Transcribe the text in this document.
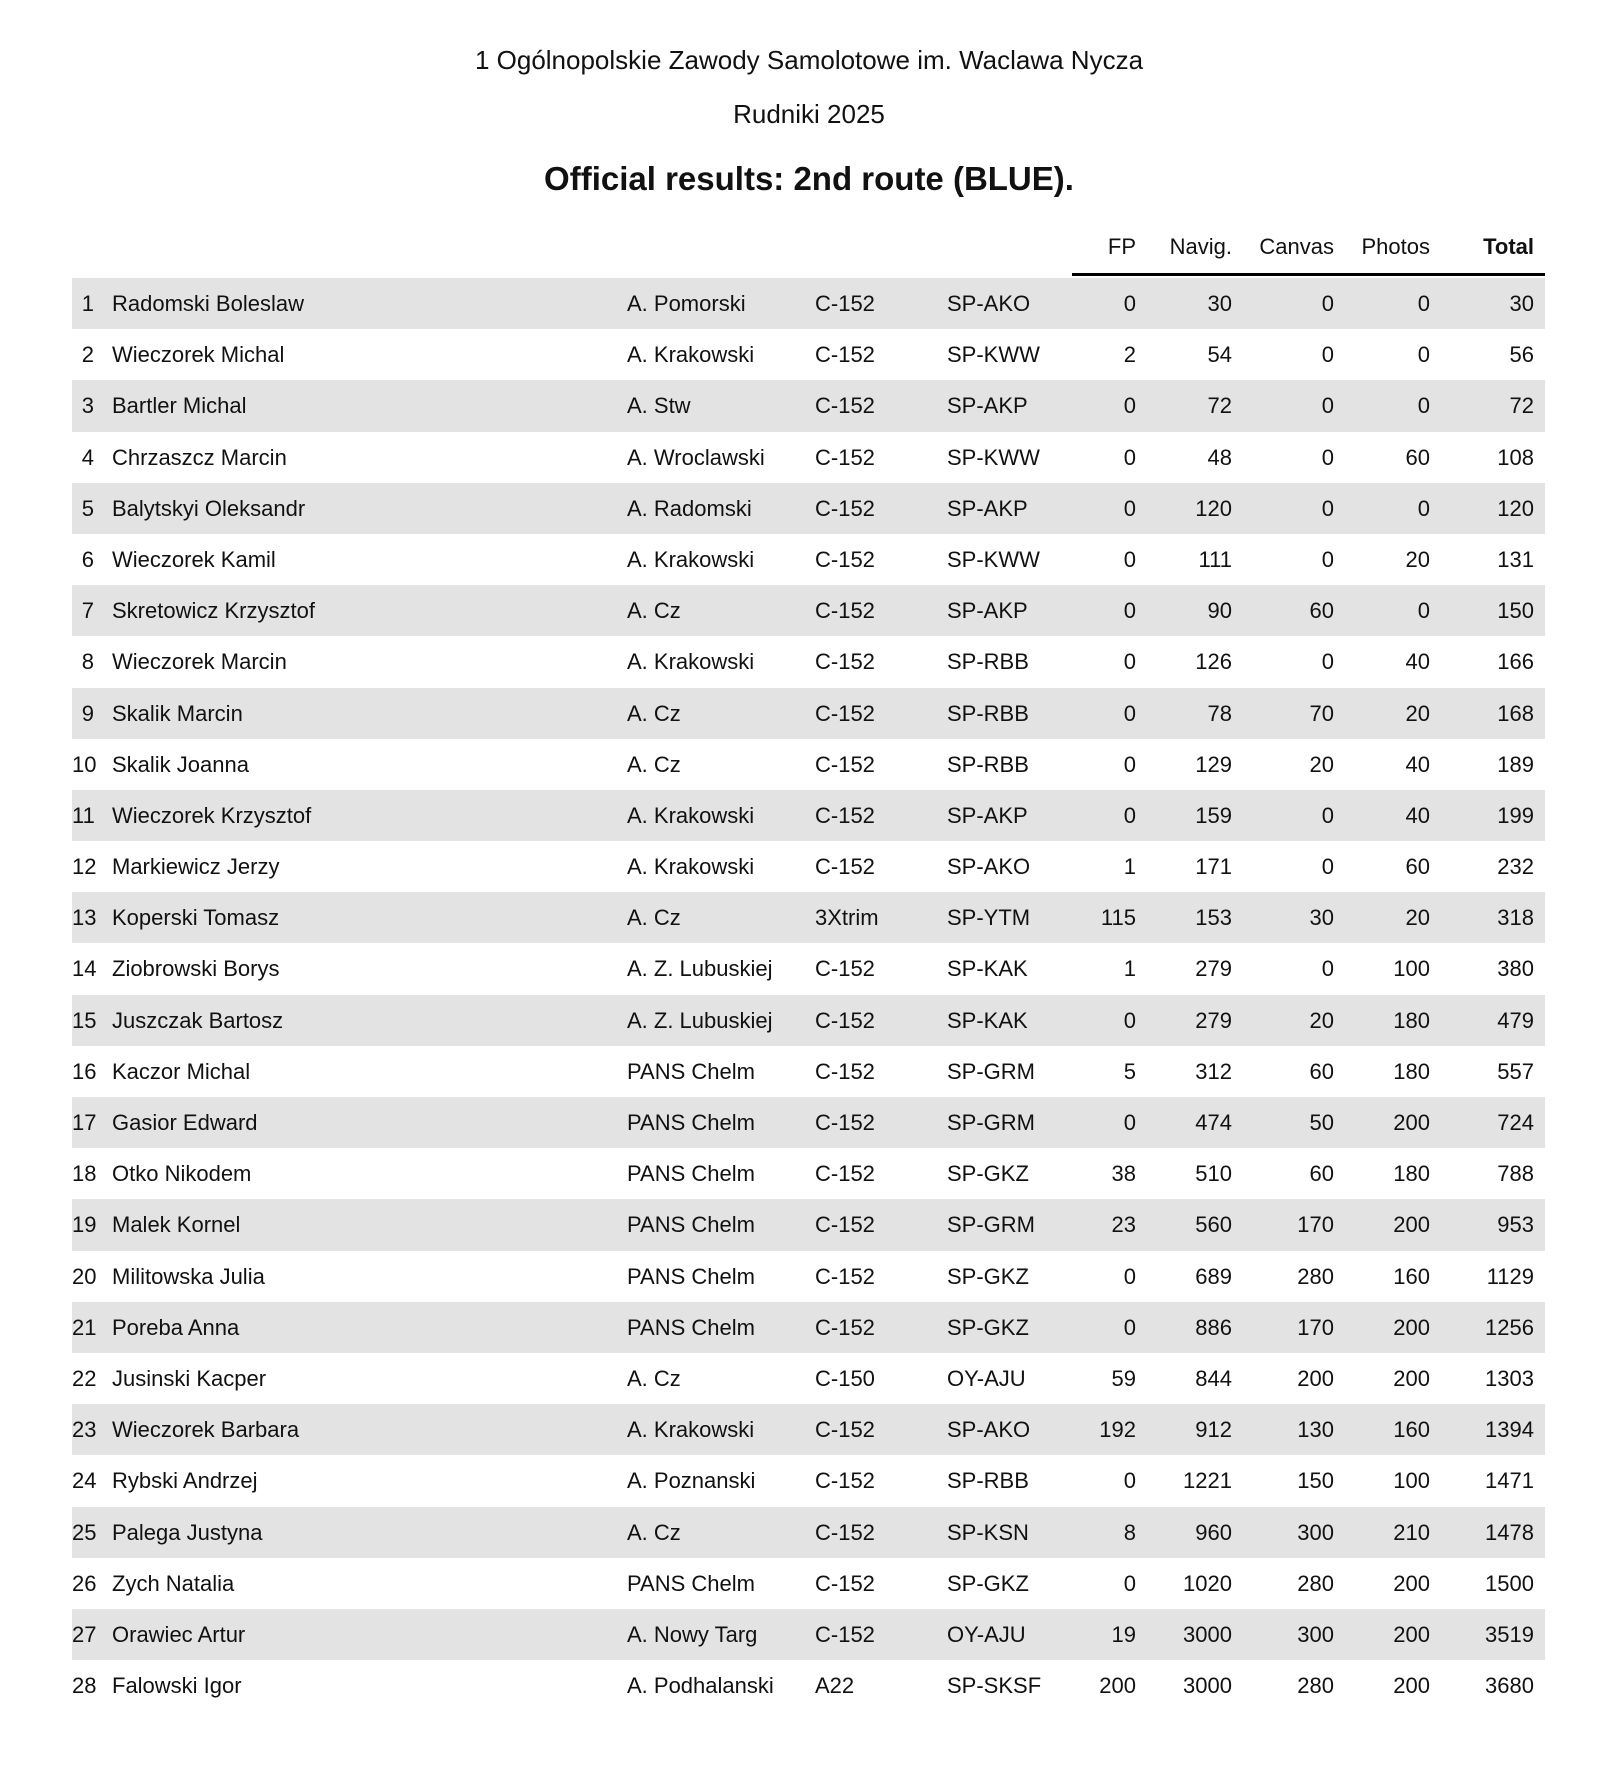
1 Ogólnopolskie Zawody Samolotowe im. Waclawa Nycza
Rudniki 2025
Official results: 2nd route (BLUE).
FP	Navig.	Canvas	Photos	Total
1 Radomski Boleslaw	A. Pomorski	C-152	SP-AKO	0	30	0	0	30
2 Wieczorek Michal	A. Krakowski	C-152	SP-KWW	2	54	0	0	56
3 Bartler Michal	A. Stw	C-152	SP-AKP	0	72	0	0	72
4 Chrzaszcz Marcin	A. Wroclawski	C-152	SP-KWW	0	48	0	60	108
5 Balytskyi Oleksandr	A. Radomski	C-152	SP-AKP	0	120	0	0	120
6 Wieczorek Kamil	A. Krakowski	C-152	SP-KWW	0	111	0	20	131
7 Skretowicz Krzysztof	A. Cz	C-152	SP-AKP	0	90	60	0	150
8 Wieczorek Marcin	A. Krakowski	C-152	SP-RBB	0	126	0	40	166
9 Skalik Marcin	A. Cz	C-152	SP-RBB	0	78	70	20	168
10 Skalik Joanna	A. Cz	C-152	SP-RBB	0	129	20	40	189
11 Wieczorek Krzysztof	A. Krakowski	C-152	SP-AKP	0	159	0	40	199
12 Markiewicz Jerzy	A. Krakowski	C-152	SP-AKO	1	171	0	60	232
13 Koperski Tomasz	A. Cz	3Xtrim	SP-YTM	115	153	30	20	318
14 Ziobrowski Borys	A. Z. Lubuskiej	C-152	SP-KAK	1	279	0	100	380
15 Juszczak Bartosz	A. Z. Lubuskiej	C-152	SP-KAK	0	279	20	180	479
16 Kaczor Michal	PANS Chelm	C-152	SP-GRM	5	312	60	180	557
17 Gasior Edward	PANS Chelm	C-152	SP-GRM	0	474	50	200	724
18 Otko Nikodem	PANS Chelm	C-152	SP-GKZ	38	510	60	180	788
19 Malek Kornel	PANS Chelm	C-152	SP-GRM	23	560	170	200	953
20 Militowska Julia	PANS Chelm	C-152	SP-GKZ	0	689	280	160	1129
21 Poreba Anna	PANS Chelm	C-152	SP-GKZ	0	886	170	200	1256
22 Jusinski Kacper	A. Cz	C-150	OY-AJU	59	844	200	200	1303
23 Wieczorek Barbara	A. Krakowski	C-152	SP-AKO	192	912	130	160	1394
24 Rybski Andrzej	A. Poznanski	C-152	SP-RBB	0	1221	150	100	1471
25 Palega Justyna	A. Cz	C-152	SP-KSN	8	960	300	210	1478
26 Zych Natalia	PANS Chelm	C-152	SP-GKZ	0	1020	280	200	1500
27 Orawiec Artur	A. Nowy Targ	C-152	OY-AJU	19	3000	300	200	3519
28 Falowski Igor	A. Podhalanski	A22	SP-SKSF	200	3000	280	200	3680
